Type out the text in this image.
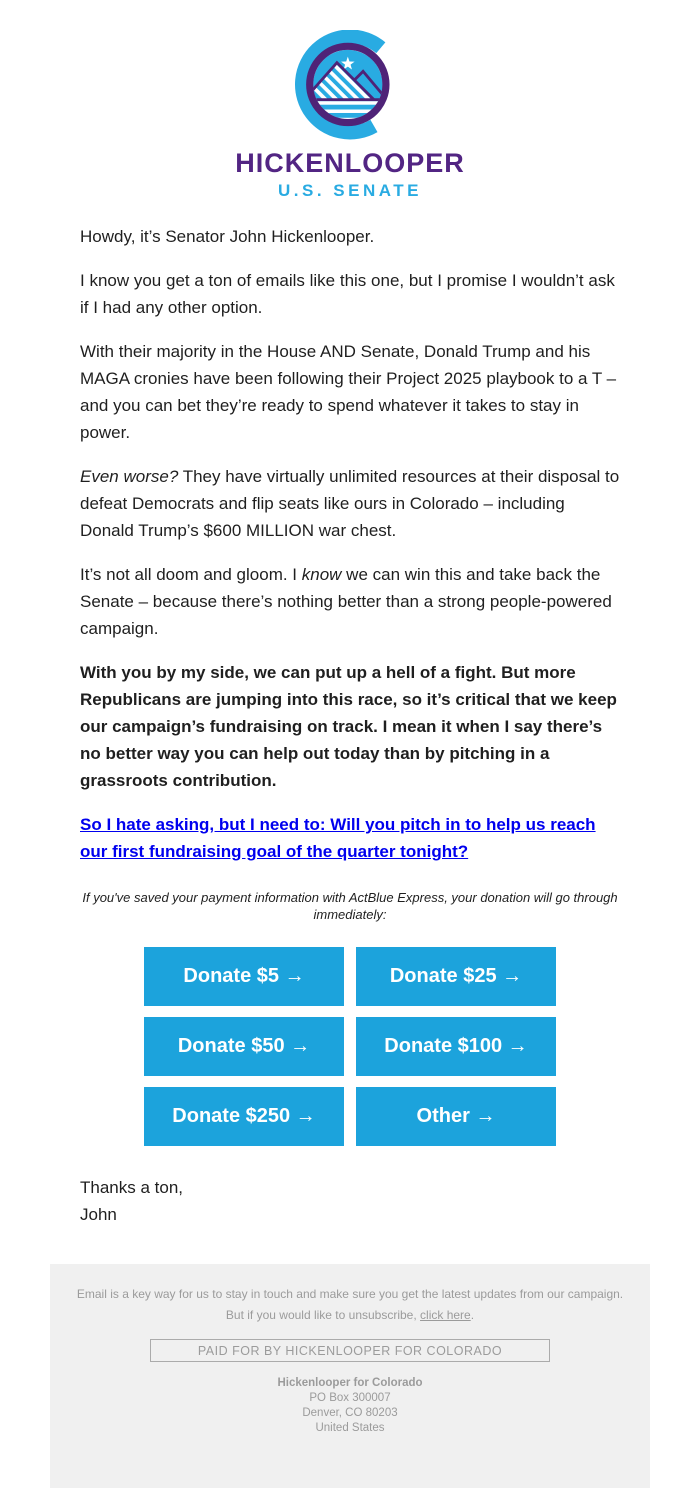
HICKENLOOPER
U.S. SENATE

Howdy, it’s Senator John Hickenlooper.

I know you get a ton of emails like this one, but I promise I wouldn’t ask if I had any other option.

With their majority in the House AND Senate, Donald Trump and his MAGA cronies have been following their Project 2025 playbook to a T – and you can bet they’re ready to spend whatever it takes to stay in power.

Even worse? They have virtually unlimited resources at their disposal to defeat Democrats and flip seats like ours in Colorado – including Donald Trump’s $600 MILLION war chest.

It’s not all doom and gloom. I know we can win this and take back the Senate – because there’s nothing better than a strong people-powered campaign.

With you by my side, we can put up a hell of a fight. But more Republicans are jumping into this race, so it’s critical that we keep our campaign’s fundraising on track. I mean it when I say there’s no better way you can help out today than by pitching in a grassroots contribution.

So I hate asking, but I need to: Will you pitch in to help us reach our first fundraising goal of the quarter tonight?

If you've saved your payment information with ActBlue Express, your donation will go through immediately:
Donate $5 →	Donate $25 →
Donate $50 →	Donate $100 →
Donate $250 →	Other →
Thanks a ton,
John
Email is a key way for us to stay in touch and make sure you get the latest updates from our campaign.
But if you would like to unsubscribe, click here.
PAID FOR BY HICKENLOOPER FOR COLORADO
Hickenlooper for Colorado
PO Box 300007
Denver, CO 80203
United States
